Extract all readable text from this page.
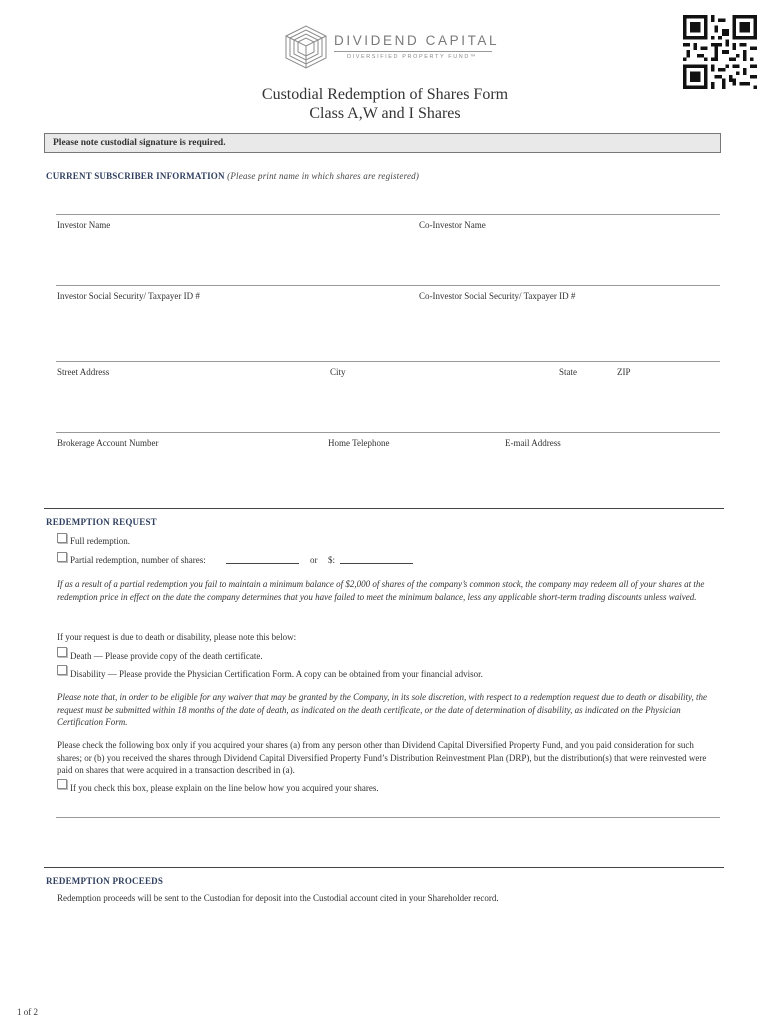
DIVIDEND CAPITAL
DIVERSIFIED PROPERTY FUND™
Custodial Redemption of Shares Form
Class A,W and I Shares
Please note custodial signature is required.
CURRENT SUBSCRIBER INFORMATION (Please print name in which shares are registered)
Investor Name	Co-Investor Name
Investor Social Security/ Taxpayer ID #	Co-Investor Social Security/ Taxpayer ID #
Street Address	City	State	ZIP
Brokerage Account Number	Home Telephone	E-mail Address
REDEMPTION REQUEST
Full redemption.
Partial redemption, number of shares:	or $:
If as a result of a partial redemption you fail to maintain a minimum balance of $2,000 of shares of the company’s common stock, the company may redeem all of your shares at the redemption price in effect on the date the company determines that you have failed to meet the minimum balance, less any applicable short-term trading discounts unless waived.
If your request is due to death or disability, please note this below:
Death — Please provide copy of the death certificate.
Disability — Please provide the Physician Certification Form. A copy can be obtained from your financial advisor.
Please note that, in order to be eligible for any waiver that may be granted by the Company, in its sole discretion, with respect to a redemption request due to death or disability, the request must be submitted within 18 months of the date of death, as indicated on the death certificate, or the date of determination of disability, as indicated on the Physician Certification Form.
Please check the following box only if you acquired your shares (a) from any person other than Dividend Capital Diversified Property Fund, and you paid consideration for such shares; or (b) you received the shares through Dividend Capital Diversified Property Fund’s Distribution Reinvestment Plan (DRP), but the distribution(s) that were reinvested were paid on shares that were acquired in a transaction described in (a).
If you check this box, please explain on the line below how you acquired your shares.
REDEMPTION PROCEEDS
Redemption proceeds will be sent to the Custodian for deposit into the Custodial account cited in your Shareholder record.
1 of 2
